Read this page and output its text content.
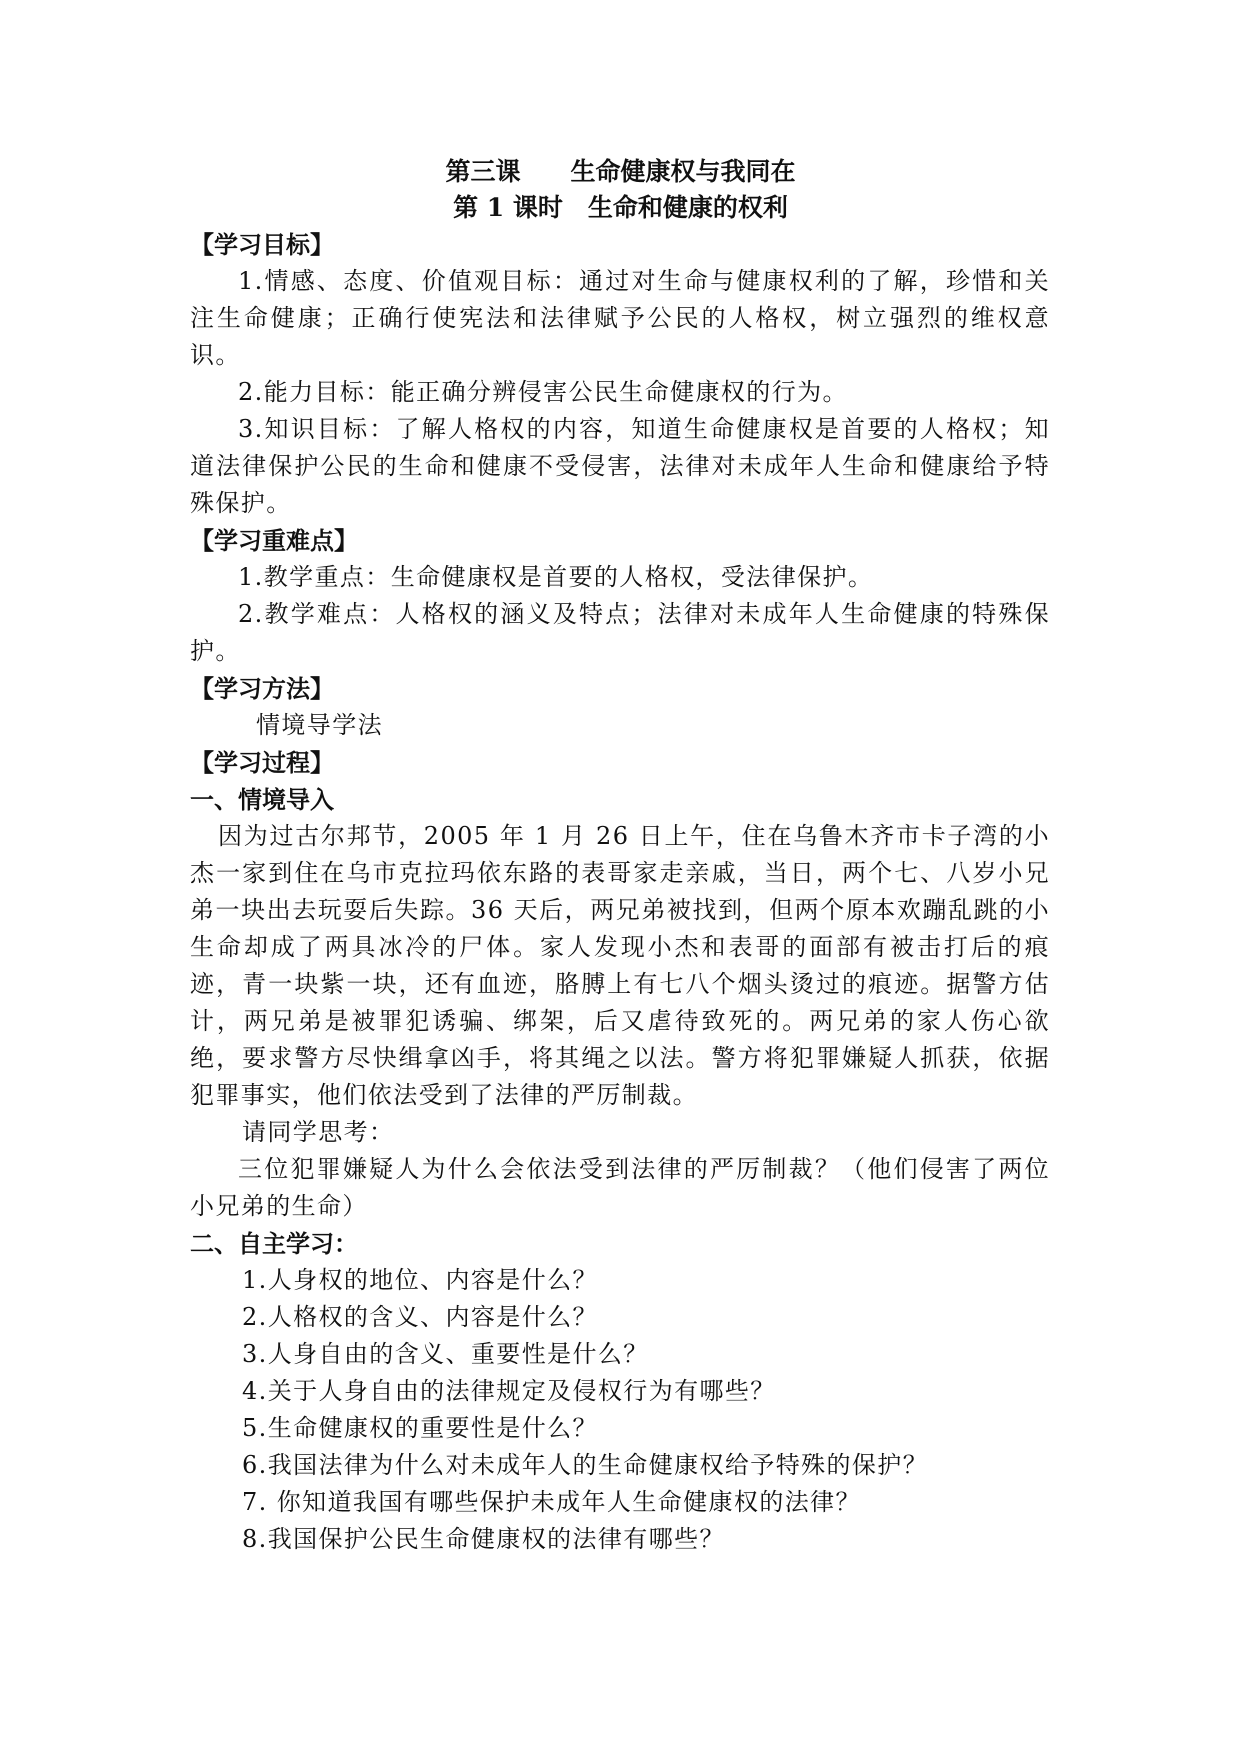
第三课　　生命健康权与我同在
第 1 课时　生命和健康的权利
【学习目标】
1.情感、态度、价值观目标：通过对生命与健康权利的了解，珍惜和关注生命健康；正确行使宪法和法律赋予公民的人格权，树立强烈的维权意识。
2.能力目标：能正确分辨侵害公民生命健康权的行为。
3.知识目标：了解人格权的内容，知道生命健康权是首要的人格权；知道法律保护公民的生命和健康不受侵害，法律对未成年人生命和健康给予特殊保护。
【学习重难点】
1.教学重点：生命健康权是首要的人格权，受法律保护。
2.教学难点：人格权的涵义及特点；法律对未成年人生命健康的特殊保护。
【学习方法】
情境导学法
【学习过程】
一、情境导入
因为过古尔邦节，2005 年 1 月 26 日上午，住在乌鲁木齐市卡子湾的小杰一家到住在乌市克拉玛依东路的表哥家走亲戚，当日，两个七、八岁小兄弟一块出去玩耍后失踪。36 天后，两兄弟被找到，但两个原本欢蹦乱跳的小生命却成了两具冰冷的尸体。家人发现小杰和表哥的面部有被击打后的痕迹，青一块紫一块，还有血迹，胳膊上有七八个烟头烫过的痕迹。据警方估计，两兄弟是被罪犯诱骗、绑架，后又虐待致死的。两兄弟的家人伤心欲绝，要求警方尽快缉拿凶手，将其绳之以法。警方将犯罪嫌疑人抓获，依据犯罪事实，他们依法受到了法律的严厉制裁。
请同学思考：
三位犯罪嫌疑人为什么会依法受到法律的严厉制裁？（他们侵害了两位小兄弟的生命）
二、自主学习：
1.人身权的地位、内容是什么？
2.人格权的含义、内容是什么？
3.人身自由的含义、重要性是什么？
4.关于人身自由的法律规定及侵权行为有哪些？
5.生命健康权的重要性是什么？
6.我国法律为什么对未成年人的生命健康权给予特殊的保护？
7. 你知道我国有哪些保护未成年人生命健康权的法律？
8.我国保护公民生命健康权的法律有哪些？
